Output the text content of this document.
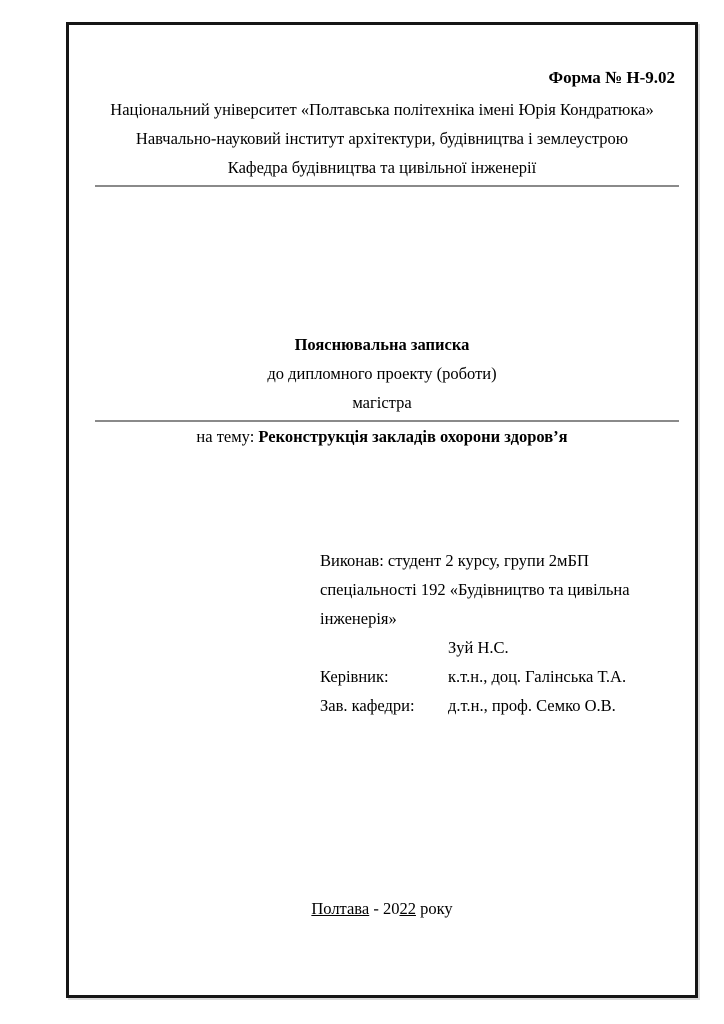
Форма № Н-9.02
Національний університет «Полтавська політехніка імені Юрія Кондратюка»
Навчально-науковий інститут архітектури, будівництва і землеустрою
Кафедра будівництва та цивільної інженерії
Пояснювальна записка
до дипломного проекту (роботи)
магістра
на тему: Реконструкція закладів охорони здоров’я
Виконав: студент 2 курсу, групи 2мБП спеціальності 192 «Будівництво та цивільна інженерія»
Зуй Н.С.
Керівник:	к.т.н., доц. Галінська Т.А.
Зав. кафедри: д.т.н., проф. Семко О.В.
Полтава - 2022 року
